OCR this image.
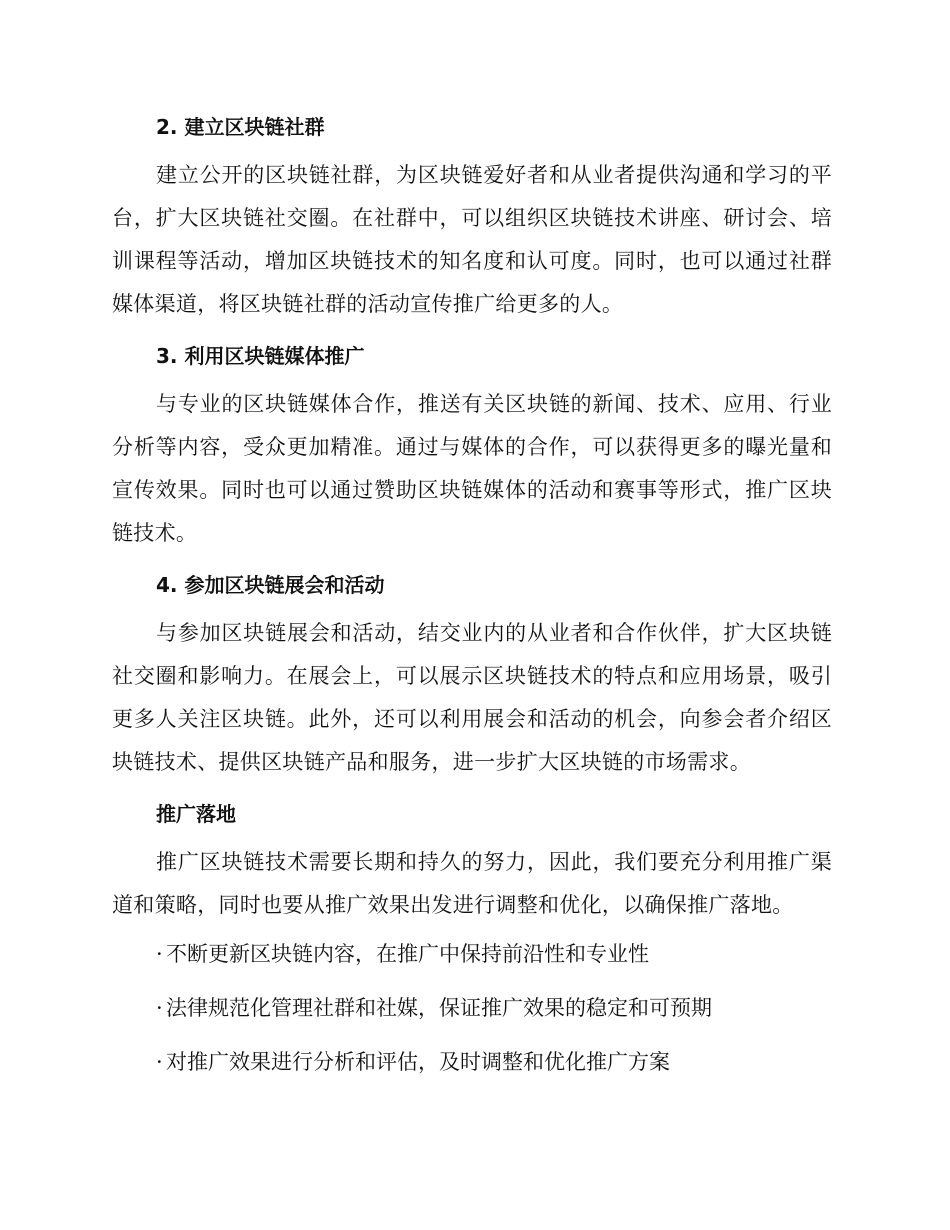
2. 建立区块链社群

建立公开的区块链社群，为区块链爱好者和从业者提供沟通和学习的平台，扩大区块链社交圈。在社群中，可以组织区块链技术讲座、研讨会、培训课程等活动，增加区块链技术的知名度和认可度。同时，也可以通过社群媒体渠道，将区块链社群的活动宣传推广给更多的人。

3. 利用区块链媒体推广

与专业的区块链媒体合作，推送有关区块链的新闻、技术、应用、行业分析等内容，受众更加精准。通过与媒体的合作，可以获得更多的曝光量和宣传效果。同时也可以通过赞助区块链媒体的活动和赛事等形式，推广区块链技术。

4. 参加区块链展会和活动

与参加区块链展会和活动，结交业内的从业者和合作伙伴，扩大区块链社交圈和影响力。在展会上，可以展示区块链技术的特点和应用场景，吸引更多人关注区块链。此外，还可以利用展会和活动的机会，向参会者介绍区块链技术、提供区块链产品和服务，进一步扩大区块链的市场需求。

推广落地

推广区块链技术需要长期和持久的努力，因此，我们要充分利用推广渠道和策略，同时也要从推广效果出发进行调整和优化，以确保推广落地。

· 不断更新区块链内容，在推广中保持前沿性和专业性
· 法律规范化管理社群和社媒，保证推广效果的稳定和可预期
· 对推广效果进行分析和评估，及时调整和优化推广方案
